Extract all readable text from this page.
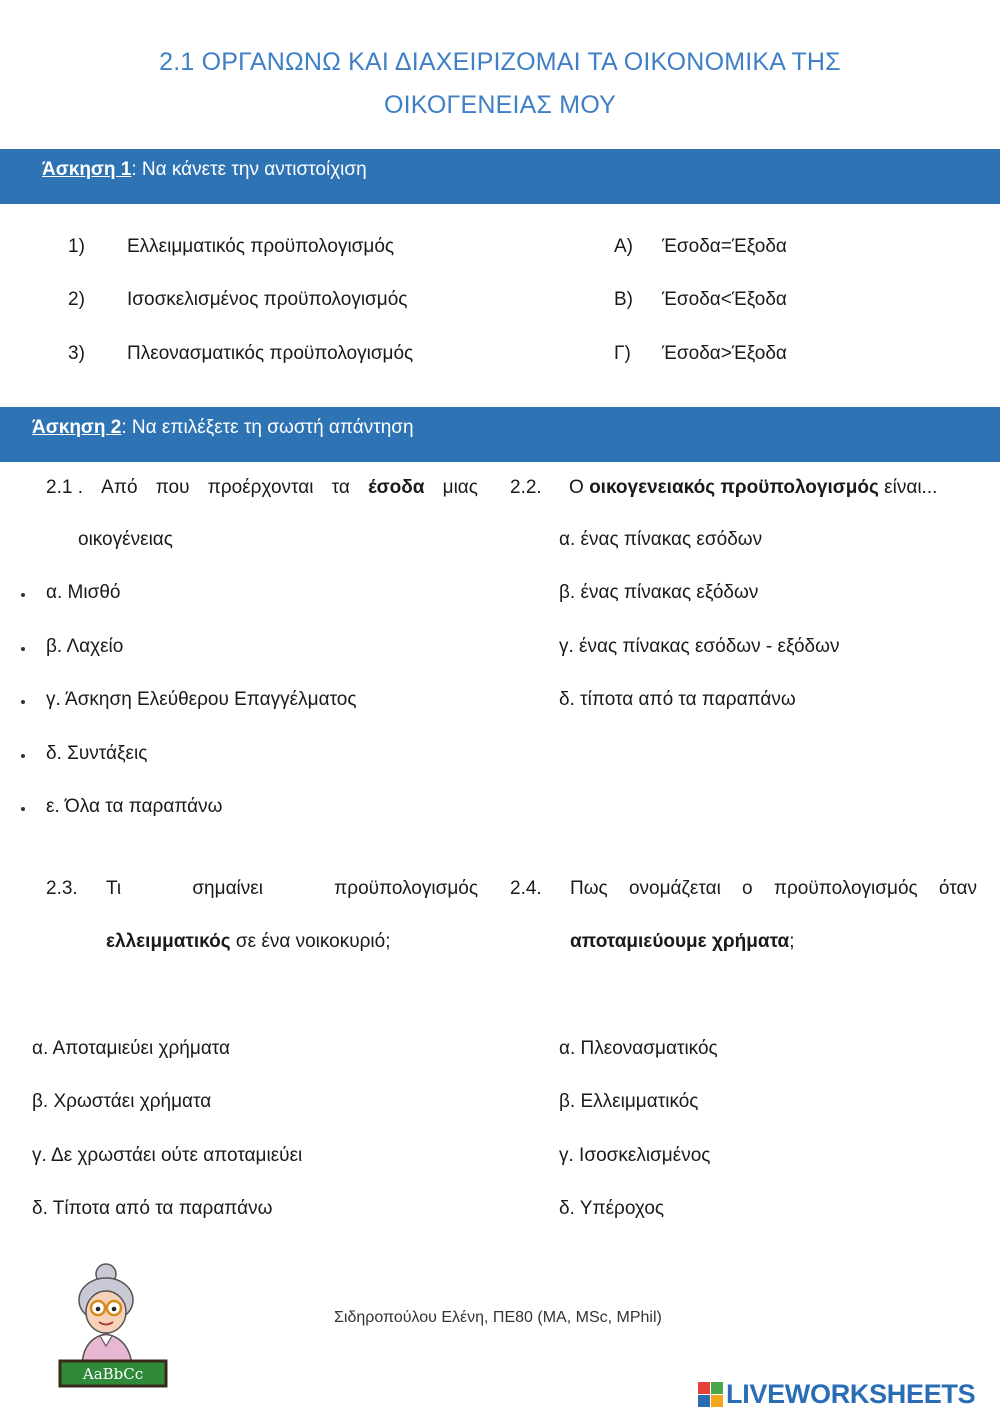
2.1 ΟΡΓΑΝΩΝΩ ΚΑΙ ΔΙΑΧΕΙΡΙΖΟΜΑΙ ΤΑ ΟΙΚΟΝΟΜΙΚΑ ΤΗΣ
ΟΙΚΟΓΕΝΕΙΑΣ ΜΟΥ
Άσκηση 1: Να κάνετε την αντιστοίχιση
1) Ελλειμματικός προϋπολογισμός
2) Ισοσκελισμένος προϋπολογισμός
3) Πλεονασματικός προϋπολογισμός
Α) Έσοδα=Έξοδα
Β) Έσοδα<Έξοδα
Γ) Έσοδα>Έξοδα
Άσκηση 2: Να επιλέξετε τη σωστή απάντηση
2.1 . Από που προέρχονται τα έσοδα μιας
οικογένειας
α. Μισθό
β. Λαχείο
γ. Άσκηση Ελεύθερου Επαγγέλματος
δ. Συντάξεις
ε. Όλα τα παραπάνω
2.2. Ο οικογενειακός προϋπολογισμός είναι...
α. ένας πίνακας εσόδων
β. ένας πίνακας εξόδων
γ. ένας πίνακας εσόδων - εξόδων
δ. τίποτα από τα παραπάνω
2.3. Τι	σημαίνει	προϋπολογισμός
ελλειμματικός σε ένα νοικοκυριό;
α. Αποταμιεύει χρήματα
β. Χρωστάει χρήματα
γ. Δε χρωστάει ούτε αποταμιεύει
δ. Τίποτα από τα παραπάνω
2.4. Πως ονομάζεται ο προϋπολογισμός όταν
αποταμιεύουμε χρήματα;
α. Πλεονασματικός
β. Ελλειμματικός
γ. Ισοσκελισμένος
δ. Υπέροχος
AaBbCc
Σιδηροπούλου Ελένη, ΠΕ80 (MA, MSc, MPhil)
LIVEWORKSHEETS
